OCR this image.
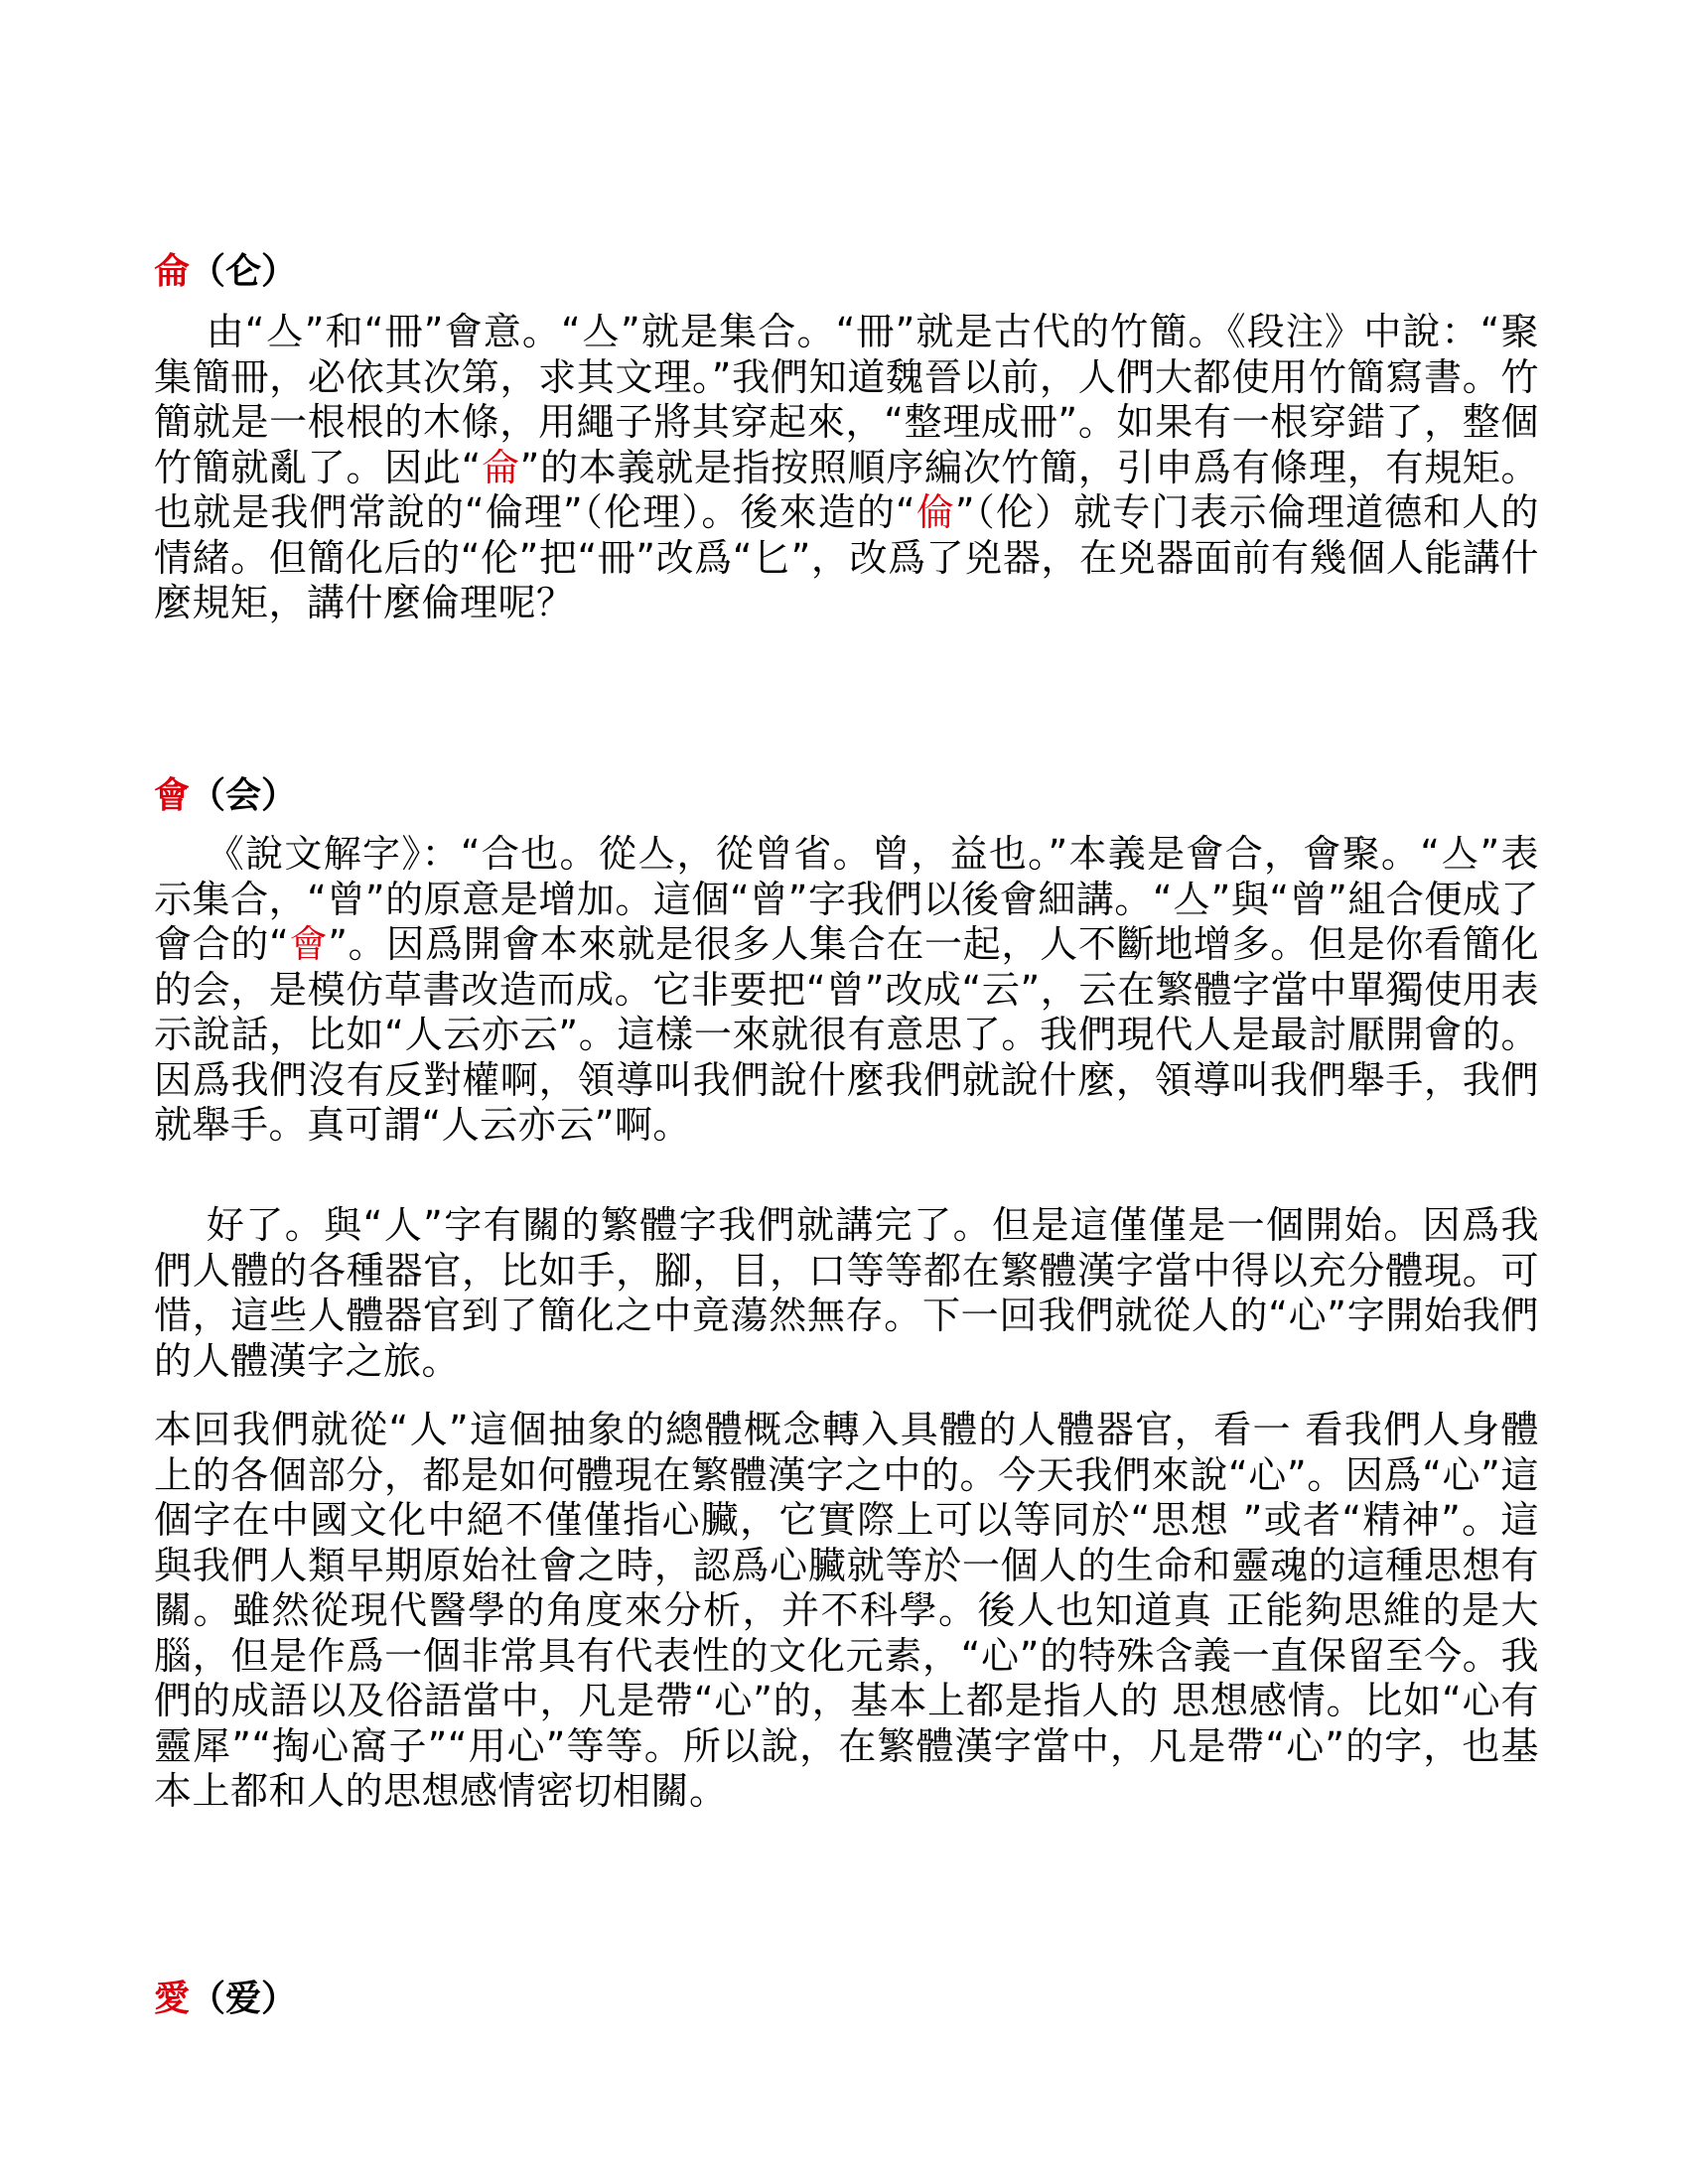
侖（仑）

由“亼”和“冊”會意。“亼”就是集合。“冊”就是古代的竹簡。《段注》中說：“聚集簡冊，必依其次第，求其文理。”我們知道魏晉以前，人們大都使用竹簡寫書。竹簡就是一根根的木條，用繩子將其穿起來，“整理成冊”。如果有一根穿錯了，整個竹簡就亂了。因此“侖”的本義就是指按照順序編次竹簡，引申爲有條理，有規矩。也就是我們常說的“倫理”（伦理）。後來造的“倫”（伦）就专门表示倫理道德和人的情緒。但簡化后的“伦”把“冊”改爲“匕”，改爲了兇器，在兇器面前有幾個人能講什麼規矩，講什麼倫理呢？

會（会）

《說文解字》：“合也。從亼，從曾省。曾，益也。”本義是會合，會聚。“亼”表示集合，“曾”的原意是增加。這個“曾”字我們以後會細講。“亼”與“曾”組合便成了會合的“會”。因爲開會本來就是很多人集合在一起，人不斷地增多。但是你看簡化的会，是模仿草書改造而成。它非要把“曾”改成“云”，云在繁體字當中單獨使用表示說話，比如“人云亦云”。這樣一來就很有意思了。我們現代人是最討厭開會的。因爲我們沒有反對權啊，領導叫我們說什麼我們就說什麼，領導叫我們舉手，我們就舉手。真可謂“人云亦云”啊。

好了。與“人”字有關的繁體字我們就講完了。但是這僅僅是一個開始。因爲我們人體的各種器官，比如手，腳，目，口等等都在繁體漢字當中得以充分體現。可惜，這些人體器官到了簡化之中竟蕩然無存。下一回我們就從人的“心”字開始我們的人體漢字之旅。

本回我們就從“人”這個抽象的總體概念轉入具體的人體器官，看一 看我們人身體上的各個部分，都是如何體現在繁體漢字之中的。今天我們來說“心”。因爲“心”這個字在中國文化中絕不僅僅指心臟，它實際上可以等同於“思想 ”或者“精神”。這與我們人類早期原始社會之時，認爲心臟就等於一個人的生命和靈魂的這種思想有關。雖然從現代醫學的角度來分析，并不科學。後人也知道真 正能夠思維的是大腦，但是作爲一個非常具有代表性的文化元素，“心”的特殊含義一直保留至今。我們的成語以及俗語當中，凡是帶“心”的，基本上都是指人的 思想感情。比如“心有靈犀”“掏心窩子”“用心”等等。所以說，在繁體漢字當中，凡是帶“心”的字，也基本上都和人的思想感情密切相關。

愛（爱）
